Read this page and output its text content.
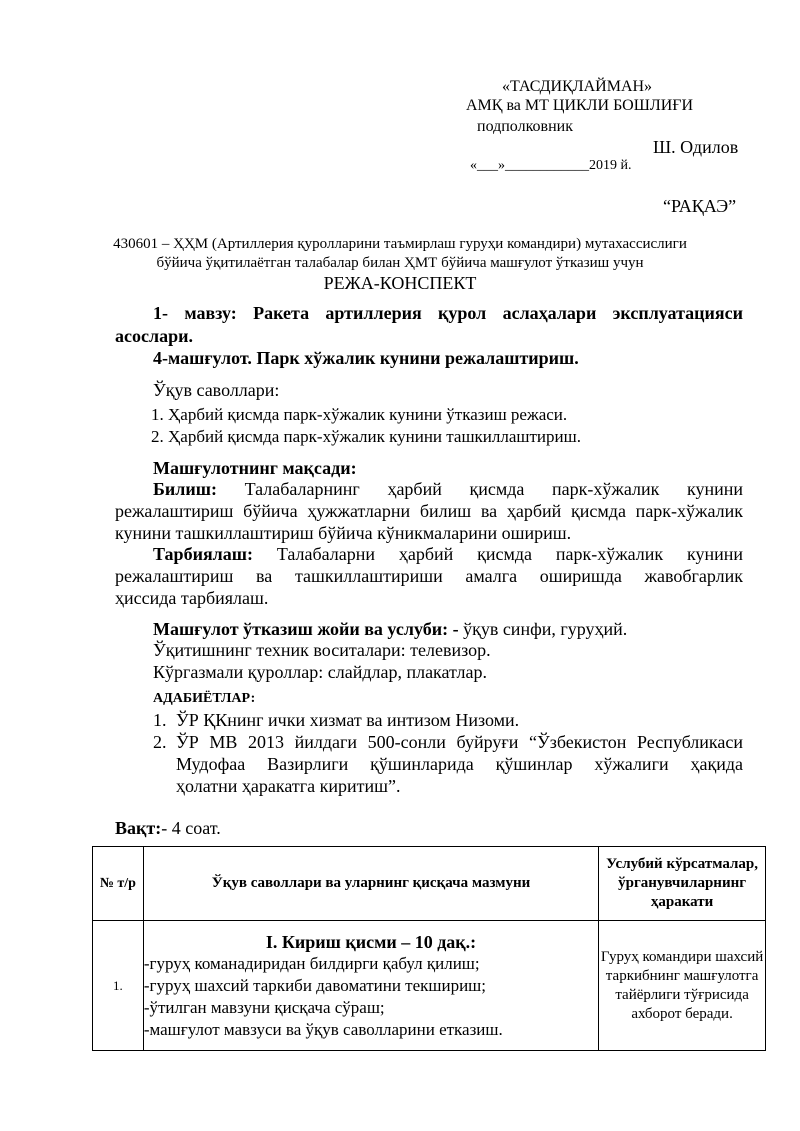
«ТАСДИҚЛАЙМАН»
АМҚ ва МТ ЦИКЛИ БОШЛИҒИ
подполковник
Ш. Одилов
«___»____________2019 й.
“РАҚАЭ”
430601 – ҲҲМ (Артиллерия қуролларини таъмирлаш гуруҳи командири) мутахассислиги
бўйича ўқитилаётган талабалар билан ҲМТ бўйича машғулот ўтказиш учун
РЕЖА-КОНСПЕКТ
1- мавзу: Ракета артиллерия қурол аслаҳалари эксплуатацияси
асослари.
4-машғулот. Парк хўжалик кунини режалаштириш.
Ўқув саволлари:
1. Ҳарбий қисмда парк-хўжалик кунини ўтказиш режаси.
2. Ҳарбий қисмда парк-хўжалик кунини ташкиллаштириш.
Машғулотнинг мақсади:
Билиш: Талабаларнинг ҳарбий қисмда парк-хўжалик кунини
режалаштириш бўйича ҳужжатларни билиш ва ҳарбий қисмда парк-хўжалик
кунини ташкиллаштириш бўйича кўникмаларини ошириш.
Тарбиялаш: Талабаларни ҳарбий қисмда парк-хўжалик кунини
режалаштириш ва ташкиллаштириши амалга оширишда жавобгарлик
ҳиссида тарбиялаш.
Машғулот ўтказиш жойи ва услуби: - ўқув синфи, гуруҳий.
Ўқитишнинг техник воситалари: телевизор.
Кўргазмали қуроллар: слайдлар, плакатлар.
АДАБИЁТЛАР:
1. ЎР ҚКнинг ички хизмат ва интизом Низоми.
2. ЎР МВ 2013 йилдаги 500-сонли буйруғи “Ўзбекистон Республикаси
Мудофаа Вазирлиги қўшинларида қўшинлар хўжалиги ҳақида
ҳолатни ҳаракатга киритиш”.
Вақт:- 4 соат.
№ т/р	Ўқув саволлари ва уларнинг қисқача мазмуни	Услубий кўрсатмалар, ўрганувчиларнинг ҳаракати
1.	I. Кириш қисми – 10 дақ.:
-гуруҳ команадиридан билдирги қабул қилиш;
-гуруҳ шахсий таркиби давоматини текшириш;
-ўтилган мавзуни қисқача сўраш;
-машғулот мавзуси ва ўқув саволларини етказиш.	Гуруҳ командири шахсий таркибнинг машғулотга тайёрлиги тўғрисида ахборот беради.
